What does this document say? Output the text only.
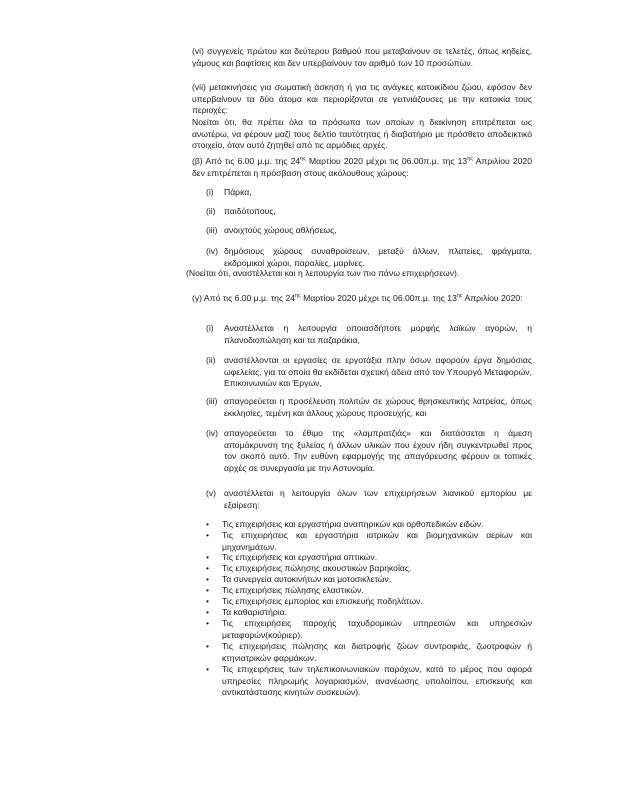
(vi) συγγενείς πρώτου και δεύτερου βαθμού που μεταβαίνουν σε τελετές, όπως κηδείες, γάμους και βαφτίσεις και δεν υπερβαίνουν τον αριθμό των 10 προσώπων.
(vii) μετακινήσεις για σωματική άσκηση ή για τις ανάγκες κατοικίδιου ζώου, εφόσον δεν υπερβαίνουν τα δύο άτομα και περιορίζονται σε γειτνιάζουσες με την κατοικία τους περιοχές:
Νοείται ότι, θα πρέπει όλα τα πρόσωπα των οποίων η διακίνηση επιτρέπεται ως ανωτέρω, να φέρουν μαζί τους δελτίο ταυτότητας ή διαβατήριο με πρόσθετο αποδεικτικό στοιχείο, όταν αυτό ζητηθεί από τις αρμόδιες αρχές.
(β) Από τις 6.00 μ.μ. της $24^{\eta\varsigma}$ Μαρτίου 2020 μέχρι τις 06.00π.μ. της $13^{\eta\varsigma}$ Απριλίου 2020 δεν επιτρέπεται η πρόσβαση στους ακόλουθους χώρους:
(i) Πάρκα,
(ii) παιδότοπους,
(iii) ανοιχτούς χώρους αθλήσεως,
(iv) δημόσιους χώρους συναθροίσεων, μεταξύ άλλων, πλατείες, φράγματα, εκδρομικοί χώροι, παραλίες, μαρίνες.
(Νοείται ότι, αναστέλλεται και η λειτουργία των πιο πάνω επιχειρήσεων).
(γ) Από τις 6.00 μ.μ. της $24^{\eta\varsigma}$ Μαρτίου 2020 μέχρι τις 06.00π.μ. της $13^{\eta\varsigma}$ Απριλίου 2020:
(i) Αναστέλλεται η λειτουργία οποιασδήποτε μορφής λαϊκών αγορών, η πλανοδιοπώληση και τα παζαράκια,
(ii) αναστέλλονται οι εργασίες σε εργοτάξια πλην όσων αφορούν έργα δημόσιας ωφελείας, για τα οποία θα εκδίδεται σχετική άδεια από τον Υπουργό Μεταφορών, Επικοινωνιών και Έργων,
(iii) απαγορεύεται η προσέλευση πολιτών σε χώρους θρησκευτικής λατρείας, όπως εκκλησίες, τεμένη και άλλους χώρους προσευχής, και
(iv) απαγορεύεται το έθιμο της «λαμπρατζιάς» και διατάσσεται η άμεση απομάκρυνση της ξυλείας ή άλλων υλικών που έχουν ήδη συγκεντρωθεί προς τον σκοπό αυτό. Την ευθύνη εφαρμογής της απαγόρευσης φέρουν οι τοπικές αρχές σε συνεργασία με την Αστυνομία.
(v) αναστέλλεται η λειτουργία όλων των επιχειρήσεων λιανικού εμπορίου με εξαίρεση:
• Τις επιχειρήσεις και εργαστήρια αναπηρικών και ορθοπεδικών ειδών.
• Τις επιχειρήσεις και εργαστήρια ιατρικών και βιομηχανικών αερίων και μηχανημάτων.
• Τις επιχειρήσεις και εργαστήρια οπτικών.
• Τις επιχειρήσεις πώλησης ακουστικών βαρηκοΐας.
• Τα συνεργεία αυτοκινήτων και μοτοσικλετών.
• Τις επιχειρήσεις πώλησης ελαστικών.
• Τις επιχειρήσεις εμπορίας και επισκευής ποδηλάτων.
• Τα καθαριστήρια.
• Τις επιχειρήσεις παροχής ταχυδρομικών υπηρεσιών και υπηρεσιών μεταφορών(κούριερ).
• Τις επιχειρήσεις πώλησης και διατροφής ζώων συντροφιάς, ζωοτροφών ή κτηνιατρικών φαρμάκων.
• Τις επιχειρήσεις των τηλεπικοινωνιακών παρόχων, κατά το μέρος που αφορά υπηρεσίες πληρωμής λογαριασμών, ανανέωσης υπολοίπου, επισκευής και αντικατάστασης κινητών συσκευών).
